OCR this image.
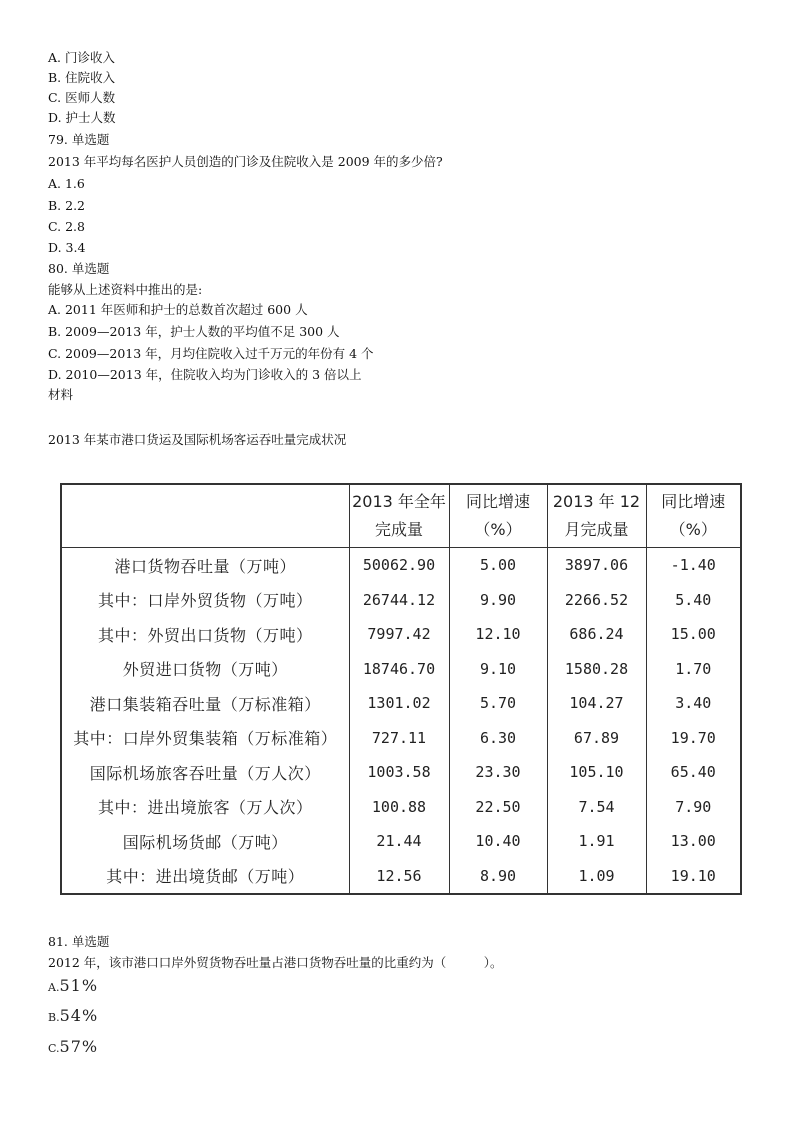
A. 门诊收入
B. 住院收入
C. 医师人数
D. 护士人数
79. 单选题
2013 年平均每名医护人员创造的门诊及住院收入是 2009 年的多少倍?
A. 1.6
B. 2.2
C. 2.8
D. 3.4
80. 单选题
能够从上述资料中推出的是:
A. 2011 年医师和护士的总数首次超过 600 人
B. 2009—2013 年，护士人数的平均值不足 300 人
C. 2009—2013 年，月均住院收入过千万元的年份有 4 个
D. 2010—2013 年，住院收入均为门诊收入的 3 倍以上
材料
2013 年某市港口货运及国际机场客运吞吐量完成状况
	2013 年全年完成量	同比增速（%）	2013 年 12 月完成量	同比增速（%）
港口货物吞吐量（万吨）	50062.90	5.00	3897.06	-1.40
其中：口岸外贸货物（万吨）	26744.12	9.90	2266.52	5.40
其中：外贸出口货物（万吨）	7997.42	12.10	686.24	15.00
外贸进口货物（万吨）	18746.70	9.10	1580.28	1.70
港口集装箱吞吐量（万标准箱）	1301.02	5.70	104.27	3.40
其中：口岸外贸集装箱（万标准箱）	727.11	6.30	67.89	19.70
国际机场旅客吞吐量（万人次）	1003.58	23.30	105.10	65.40
其中：进出境旅客（万人次）	100.88	22.50	7.54	7.90
国际机场货邮（万吨）	21.44	10.40	1.91	13.00
其中：进出境货邮（万吨）	12.56	8.90	1.09	19.10
81. 单选题
2012 年，该市港口口岸外贸货物吞吐量占港口货物吞吐量的比重约为（　　　）。
A.51%
B.54%
C.57%
